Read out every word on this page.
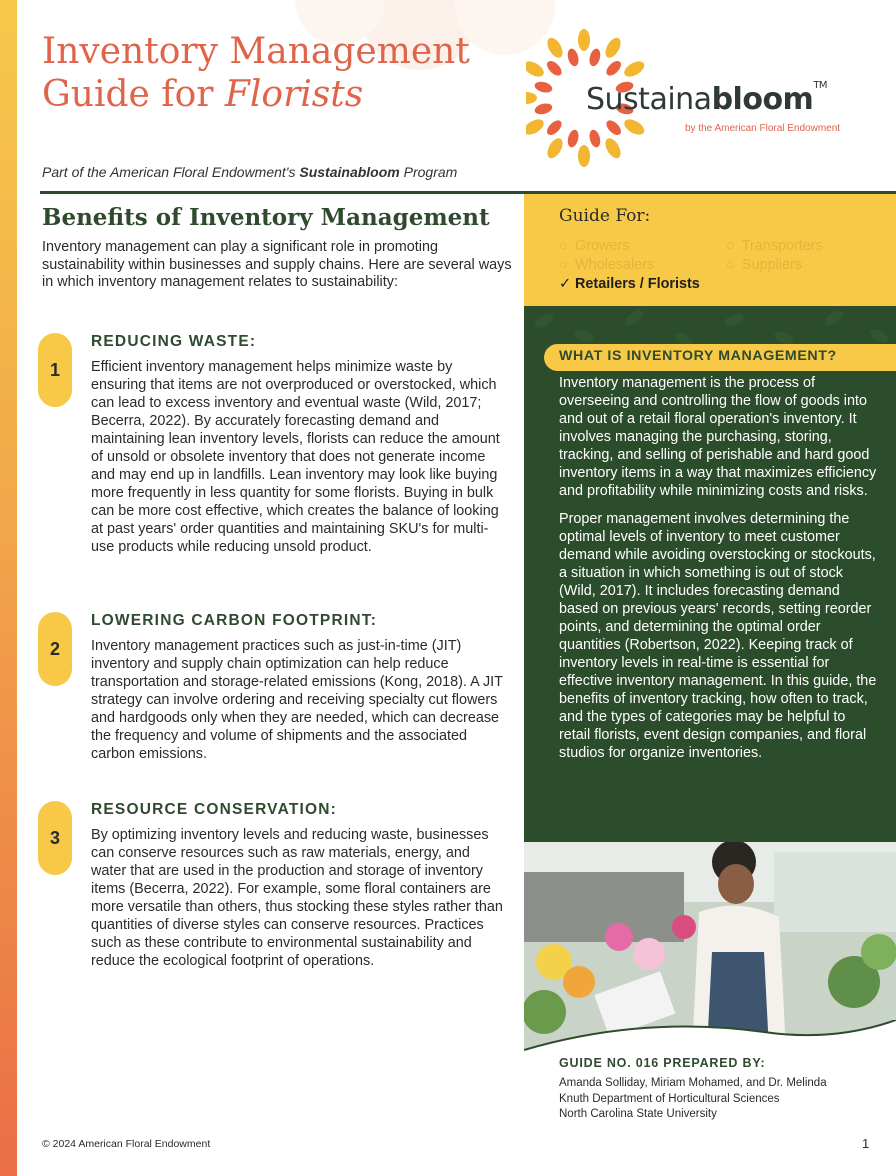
Inventory Management
Guide for Florists	Sustainabloom™
by the American Floral Endowment
Part of the American Floral Endowment's Sustainabloom Program
Benefits of Inventory Management

Inventory management can play a significant role in promoting sustainability within businesses and supply chains. Here are several ways in which inventory management relates to sustainability:

1
REDUCING WASTE:

Efficient inventory management helps minimize waste by ensuring that items are not overproduced or overstocked, which can lead to excess inventory and eventual waste (Wild, 2017; Becerra, 2022). By accurately forecasting demand and maintaining lean inventory levels, florists can reduce the amount of unsold or obsolete inventory that does not generate income and may end up in landfills. Lean inventory may look like buying more frequently in less quantity for some florists. Buying in bulk can be more cost effective, which creates the balance of looking at past years' order quantities and maintaining SKU's for multi-use products while reducing unsold product.

2
LOWERING CARBON FOOTPRINT:

Inventory management practices such as just-in-time (JIT) inventory and supply chain optimization can help reduce transportation and storage-related emissions (Kong, 2018). A JIT strategy can involve ordering and receiving specialty cut flowers and hardgoods only when they are needed, which can decrease the frequency and volume of shipments and the associated carbon emissions.

3
RESOURCE CONSERVATION:

By optimizing inventory levels and reducing waste, businesses can conserve resources such as raw materials, energy, and water that are used in the production and storage of inventory items (Becerra, 2022). For example, some floral containers are more versatile than others, thus stocking these styles rather than quantities of diverse styles can conserve resources. Practices such as these contribute to environmental sustainability and reduce the ecological footprint of operations.

Guide For:
○ Growers
○ Wholesalers
✓ Retailers / Florists
○ Transporters
○ Suppliers
WHAT IS INVENTORY MANAGEMENT?

Inventory management is the process of overseeing and controlling the flow of goods into and out of a retail floral operation's inventory. It involves managing the purchasing, storing, tracking, and selling of perishable and hard good inventory items in a way that maximizes efficiency and profitability while minimizing costs and risks.

Proper management involves determining the optimal levels of inventory to meet customer demand while avoiding overstocking or stockouts, a situation in which something is out of stock (Wild, 2017). It includes forecasting demand based on previous years' records, setting reorder points, and determining the optimal order quantities (Robertson, 2022). Keeping track of inventory levels in real-time is essential for effective inventory management. In this guide, the benefits of inventory tracking, how often to track, and the types of categories may be helpful to retail florists, event design companies, and floral studios for organize inventories.

GUIDE NO. 016 PREPARED BY:
Amanda Solliday, Miriam Mohamed, and Dr. Melinda
Knuth Department of Horticultural Sciences
North Carolina State University
© 2024 American Floral Endowment	1
